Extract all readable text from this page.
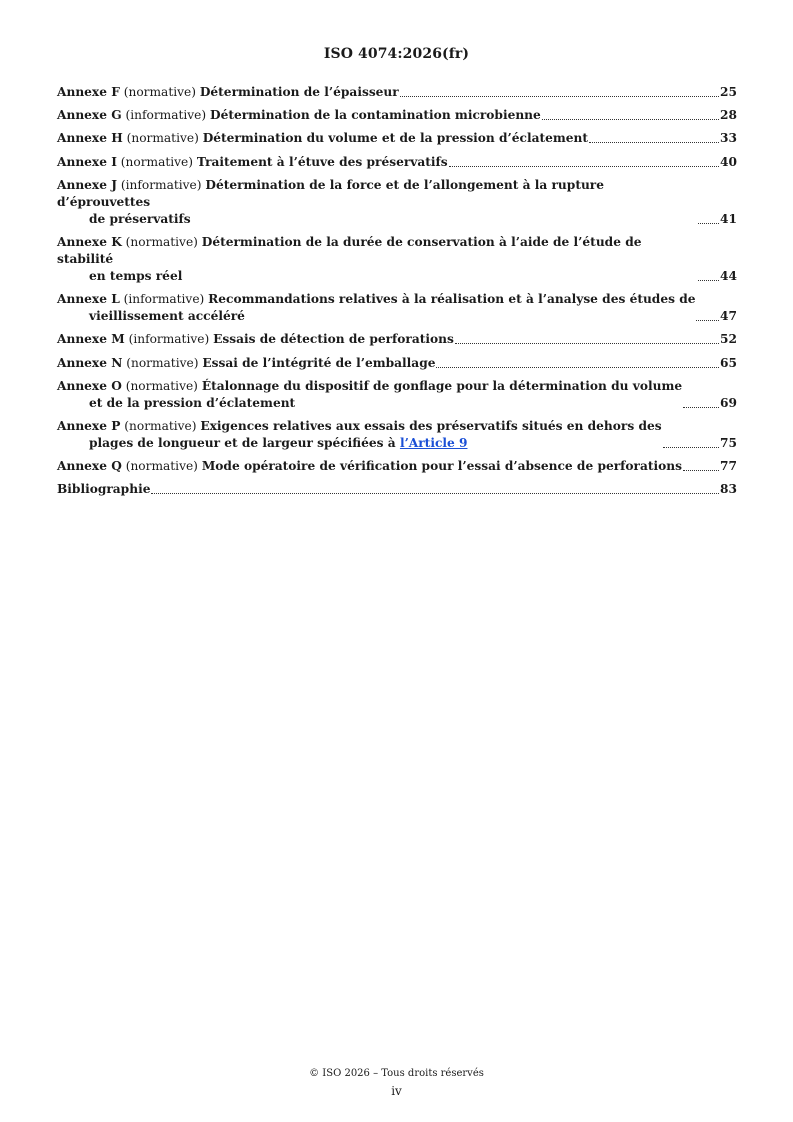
ISO 4074:2026(fr)
Annexe F (normative) Détermination de l’épaisseur	25
Annexe G (informative) Détermination de la contamination microbienne	28
Annexe H (normative) Détermination du volume et de la pression d’éclatement	33
Annexe I (normative) Traitement à l’étuve des préservatifs	40
Annexe J (informative) Détermination de la force et de l’allongement à la rupture d’éprouvettes
de préservatifs	41
Annexe K (normative) Détermination de la durée de conservation à l’aide de l’étude de stabilité
en temps réel	44
Annexe L (informative) Recommandations relatives à la réalisation et à l’analyse des études de
vieillissement accéléré	47
Annexe M (informative) Essais de détection de perforations	52
Annexe N (normative) Essai de l’intégrité de l’emballage	65
Annexe O (normative) Étalonnage du dispositif de gonflage pour la détermination du volume
et de la pression d’éclatement	69
Annexe P (normative) Exigences relatives aux essais des préservatifs situés en dehors des
plages de longueur et de largeur spécifiées à l’Article 9	75
Annexe Q (normative) Mode opératoire de vérification pour l’essai d’absence de perforations	77
Bibliographie	83
© ISO 2026 – Tous droits réservés
iv
